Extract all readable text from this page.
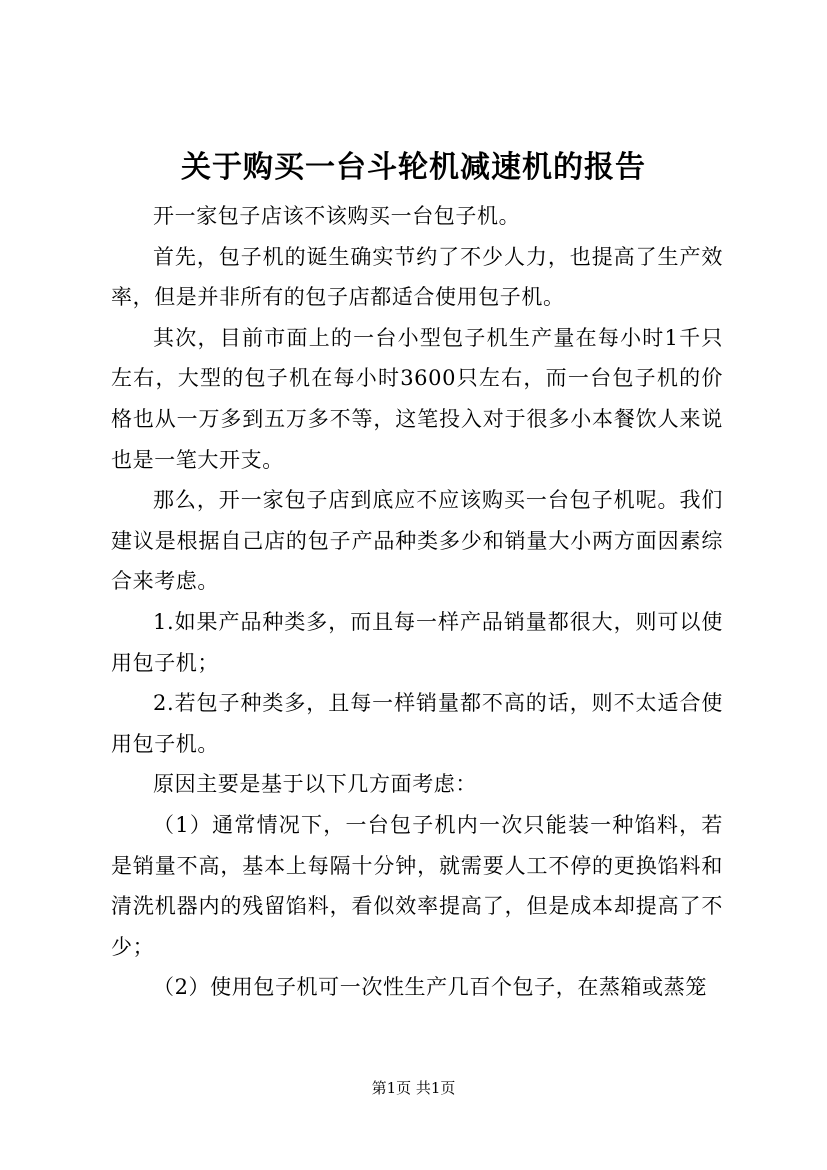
关于购买一台斗轮机减速机的报告

开一家包子店该不该购买一台包子机。

首先，包子机的诞生确实节约了不少人力，也提高了生产效率，但是并非所有的包子店都适合使用包子机。

其次，目前市面上的一台小型包子机生产量在每小时1千只左右，大型的包子机在每小时3600只左右，而一台包子机的价格也从一万多到五万多不等，这笔投入对于很多小本餐饮人来说也是一笔大开支。

那么，开一家包子店到底应不应该购买一台包子机呢。我们建议是根据自己店的包子产品种类多少和销量大小两方面因素综合来考虑。

1.如果产品种类多，而且每一样产品销量都很大，则可以使用包子机；

2.若包子种类多，且每一样销量都不高的话，则不太适合使用包子机。

原因主要是基于以下几方面考虑：

（1）通常情况下，一台包子机内一次只能装一种馅料，若是销量不高，基本上每隔十分钟，就需要人工不停的更换馅料和清洗机器内的残留馅料，看似效率提高了，但是成本却提高了不少；

（2）使用包子机可一次性生产几百个包子，在蒸箱或蒸笼

第1页 共1页
